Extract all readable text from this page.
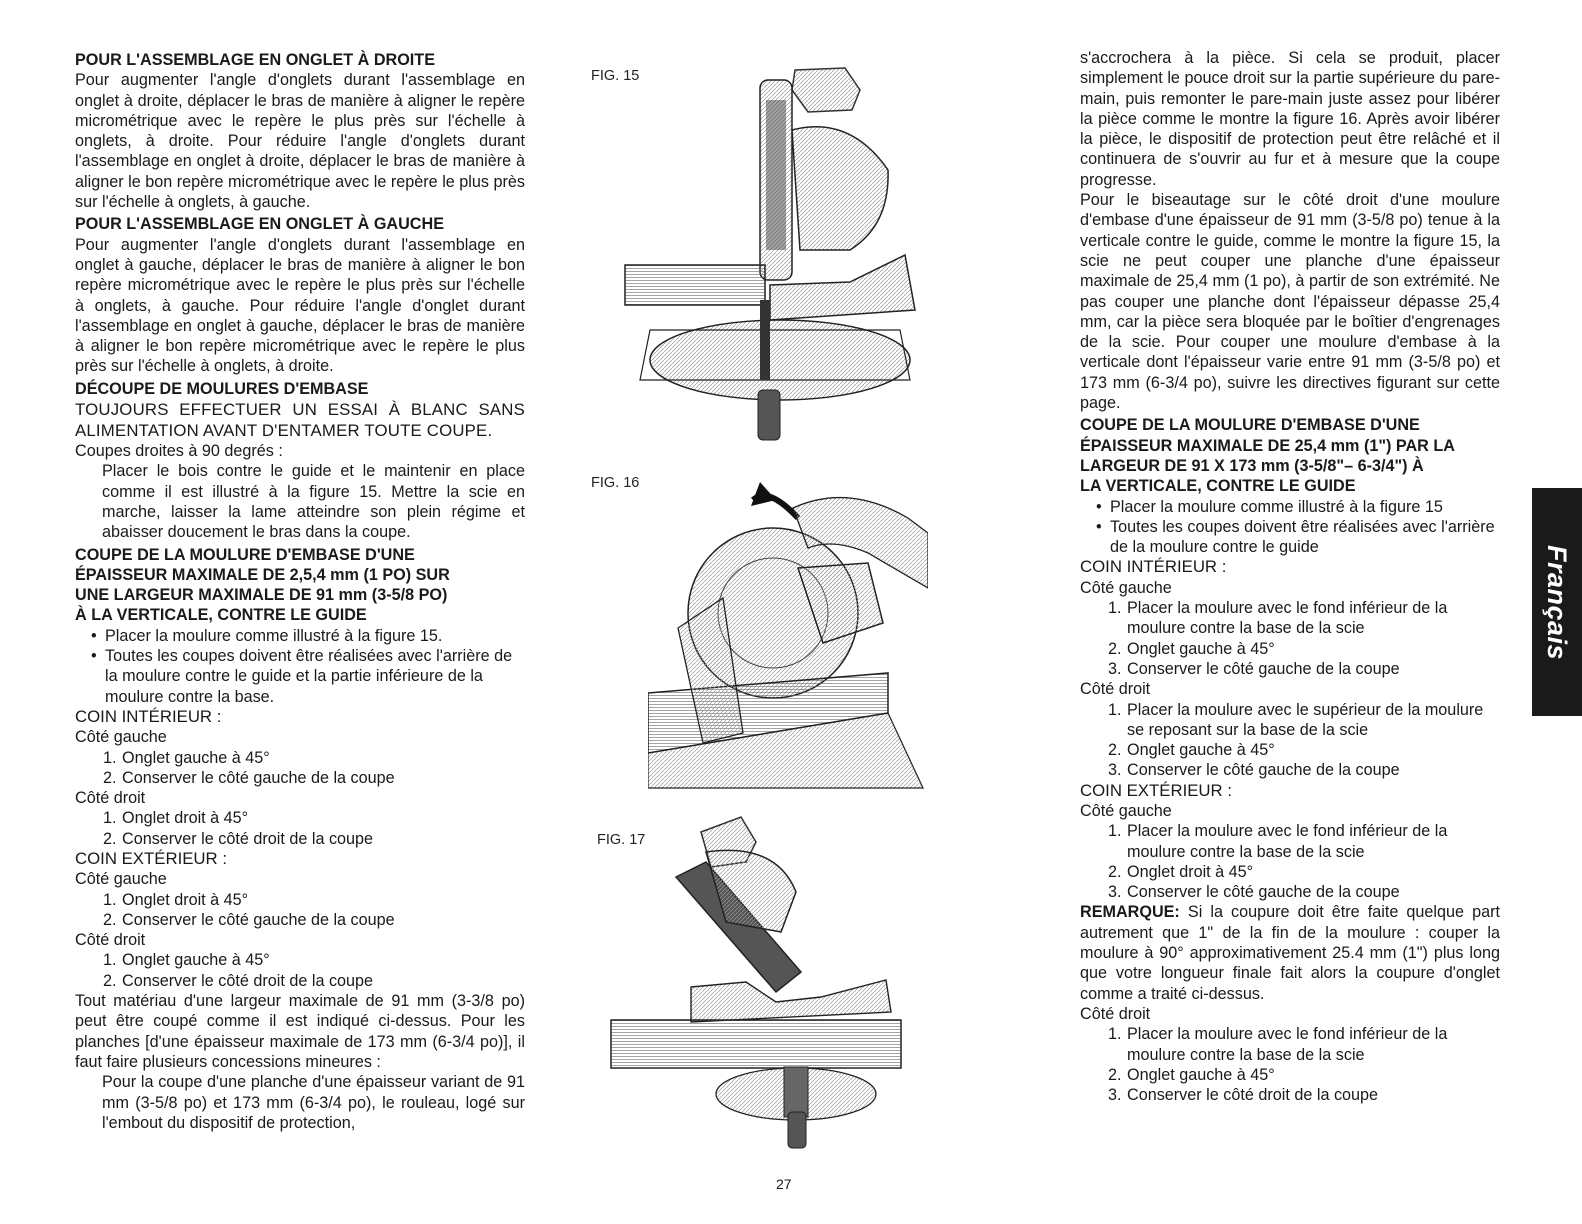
POUR L'ASSEMBLAGE EN ONGLET À DROITE

Pour augmenter l'angle d'onglets durant l'assemblage en onglet à droite, déplacer le bras de manière à aligner le repère micrométrique avec le repère le plus près sur l'échelle à onglets, à droite. Pour réduire l'angle d'onglets durant l'assemblage en onglet à droite, déplacer le bras de manière à aligner le bon repère micrométrique avec le repère le plus près sur l'échelle à onglets, à gauche.

POUR L'ASSEMBLAGE EN ONGLET À GAUCHE

Pour augmenter l'angle d'onglets durant l'assemblage en onglet à gauche, déplacer le bras de manière à aligner le bon repère micrométrique avec le repère le plus près sur l'échelle à onglets, à gauche. Pour réduire l'angle d'onglet durant l'assemblage en onglet à gauche, déplacer le bras de manière à aligner le bon repère micrométrique avec le repère le plus près sur l'échelle à onglets, à droite.

DÉCOUPE DE MOULURES D'EMBASE

TOUJOURS EFFECTUER UN ESSAI À BLANC SANS ALIMENTATION AVANT D'ENTAMER TOUTE COUPE.

Coupes droites à 90 degrés :

Placer le bois contre le guide et le maintenir en place comme il est illustré à la figure 15. Mettre la scie en marche, laisser la lame atteindre son plein régime et abaisser doucement le bras dans la coupe.

COUPE DE LA MOULURE D'EMBASE D'UNE

ÉPAISSEUR MAXIMALE DE 2,5,4 mm (1 PO) SUR

UNE LARGEUR MAXIMALE DE 91 mm (3-5/8 PO)

À LA VERTICALE, CONTRE LE GUIDE

• Placer la moulure comme illustré à la figure 15.

• Toutes les coupes doivent être réalisées avec l'arrière de la moulure contre le guide et la partie inférieure de la moulure contre la base.

COIN INTÉRIEUR :

Côté gauche

1. Onglet gauche à 45°

2. Conserver le côté gauche de la coupe

Côté droit

1. Onglet droit à 45°

2. Conserver le côté droit de la coupe

COIN EXTÉRIEUR :

Côté gauche

1. Onglet droit à 45°

2. Conserver le côté gauche de la coupe

Côté droit

1. Onglet gauche à 45°

2. Conserver le côté droit de la coupe

Tout matériau d'une largeur maximale de 91 mm (3-3/8 po) peut être coupé comme il est indiqué ci-dessus. Pour les planches [d'une épaisseur maximale de 173 mm (6-3/4 po)], il faut faire plusieurs concessions mineures :

Pour la coupe d'une planche d'une épaisseur variant de 91 mm (3-5/8 po) et 173 mm (6-3/4 po), le rouleau, logé sur l'embout du dispositif de protection,

FIG. 15
FIG. 16
FIG. 17

s'accrochera à la pièce. Si cela se produit, placer simplement le pouce droit sur la partie supérieure du pare-main, puis remonter le pare-main juste assez pour libérer la pièce comme le montre la figure 16. Après avoir libérer la pièce, le dispositif de protection peut être relâché et il continuera de s'ouvrir au fur et à mesure que la coupe progresse.

Pour le biseautage sur le côté droit d'une moulure d'embase d'une épaisseur de 91 mm (3-5/8 po) tenue à la verticale contre le guide, comme le montre la figure 15, la scie ne peut couper une planche d'une épaisseur maximale de 25,4 mm (1 po), à partir de son extrémité. Ne pas couper une planche dont l'épaisseur dépasse 25,4 mm, car la pièce sera bloquée par le boîtier d'engrenages de la scie. Pour couper une moulure d'embase à la verticale dont l'épaisseur varie entre 91 mm (3-5/8 po) et 173 mm (6-3/4 po), suivre les directives figurant sur cette page.

COUPE DE LA MOULURE D'EMBASE D'UNE

ÉPAISSEUR MAXIMALE DE 25,4 mm (1") PAR LA

LARGEUR DE 91 X 173 mm (3-5/8"– 6-3/4") À

LA VERTICALE, CONTRE LE GUIDE

• Placer la moulure comme illustré à la figure 15

• Toutes les coupes doivent être réalisées avec l'arrière de la moulure contre le guide

COIN INTÉRIEUR :

Côté gauche

1. Placer la moulure avec le fond inférieur de la moulure contre la base de la scie

2. Onglet gauche à 45°

3. Conserver le côté gauche de la coupe

Côté droit

1. Placer la moulure avec le supérieur de la moulure se reposant sur la base de la scie

2. Onglet gauche à 45°

3. Conserver le côté gauche de la coupe

COIN EXTÉRIEUR :

Côté gauche

1. Placer la moulure avec le fond inférieur de la moulure contre la base de la scie

2. Onglet droit à 45°

3. Conserver le côté gauche de la coupe

REMARQUE: Si la coupure doit être faite quelque part autrement que 1" de la fin de la moulure : couper la moulure à 90° approximativement 25.4 mm (1") plus long que votre longueur finale fait alors la coupure d'onglet comme a traité ci-dessus.

Côté droit

1. Placer la moulure avec le fond inférieur de la moulure contre la base de la scie

2. Onglet gauche à 45°

3. Conserver le côté droit de la coupe

27
Français
